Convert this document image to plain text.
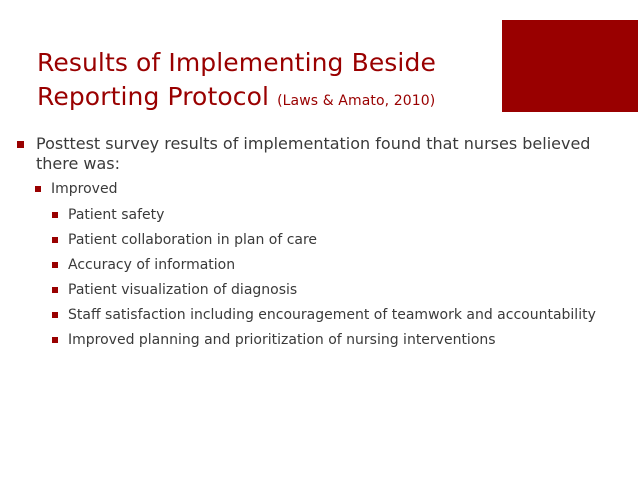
Results of Implementing Beside
Reporting Protocol (Laws & Amato, 2010)

Posttest survey results of implementation found that nurses believed there was:

Improved

Patient safety

Patient collaboration in plan of care

Accuracy of information

Patient visualization of diagnosis

Staff satisfaction including encouragement of teamwork and accountability

Improved planning and prioritization of nursing interventions
